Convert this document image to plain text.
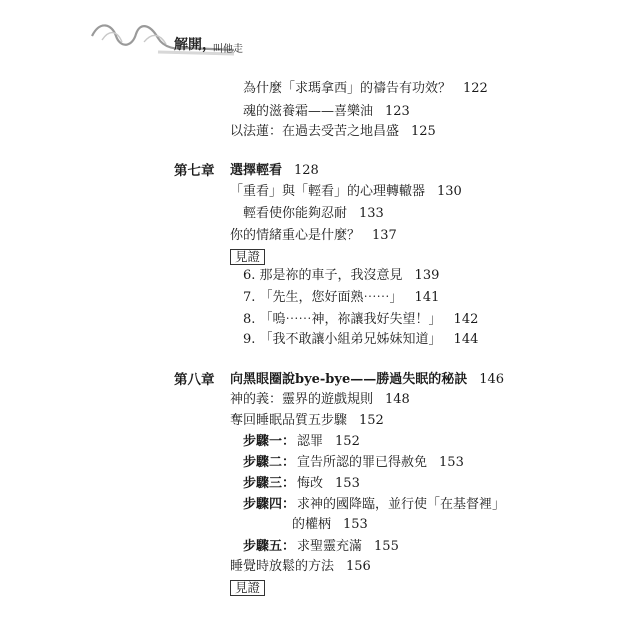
解開，
叫他走
為什麼「求瑪拿西」的禱告有功效？ 122
魂的滋養霜——喜樂油 123
以法蓮：在過去受苦之地昌盛 125
第七章 選擇輕看 128
「重看」與「輕看」的心理轉轍器 130
輕看使你能夠忍耐 133
你的情緒重心是什麼？ 137
見證
6. 那是祢的車子，我沒意見 139
7. 「先生，您好面熟⋯⋯」 141
8. 「嗚⋯⋯神，祢讓我好失望！」 142
9. 「我不敢讓小組弟兄姊妹知道」 144
第八章 向黑眼圈說bye-bye——勝過失眠的秘訣 146
神的義：靈界的遊戲規則 148
奪回睡眠品質五步驟 152
步驟一： 認罪 152
步驟二： 宣告所認的罪已得赦免 153
步驟三： 悔改 153
步驟四： 求神的國降臨，並行使「在基督裡」
的權柄 153
步驟五： 求聖靈充滿 155
睡覺時放鬆的方法 156
見證
